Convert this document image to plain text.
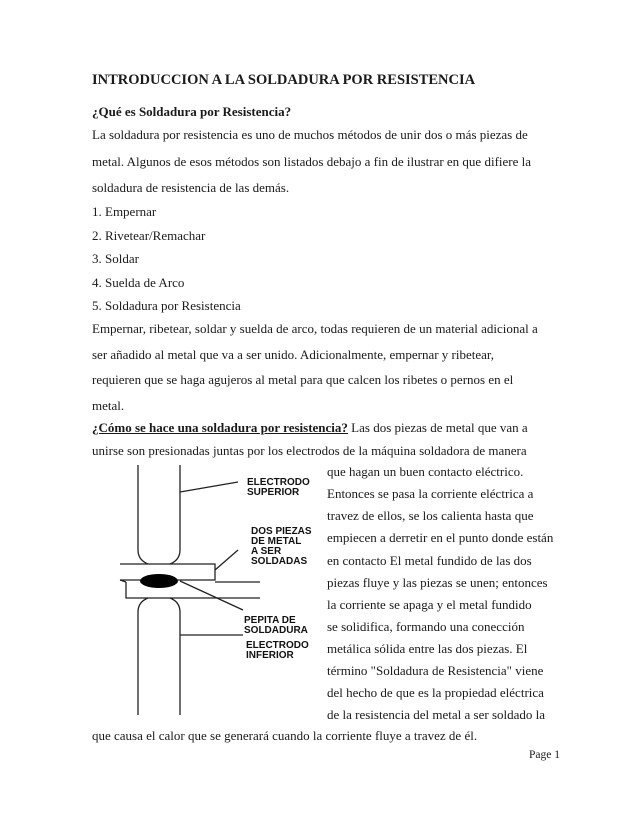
INTRODUCCION A LA SOLDADURA POR RESISTENCIA
¿Qué es Soldadura por Resistencia?
La soldadura por resistencia es uno de muchos métodos de unir dos o más piezas de
metal. Algunos de esos métodos son listados debajo a fin de ilustrar en que difiere la
soldadura de resistencia de las demás.
1. Empernar
2. Rivetear/Remachar
3. Soldar
4. Suelda de Arco
5. Soldadura por Resistencia
Empernar, ribetear, soldar y suelda de arco, todas requieren de un material adicional a
ser añadido al metal que va a ser unido. Adicionalmente, empernar y ribetear,
requieren que se haga agujeros al metal para que calcen los ribetes o pernos en el
metal.
¿Cómo se hace una soldadura por resistencia? Las dos piezas de metal que van a
unirse son presionadas juntas por los electrodos de la máquina soldadora de manera
que hagan un buen contacto eléctrico.
Entonces se pasa la corriente eléctrica a
travez de ellos, se los calienta hasta que
empiecen a derretir en el punto donde están
en contacto El metal fundido de las dos
piezas fluye y las piezas se unen; entonces
la corriente se apaga y el metal fundido
se solidifica, formando una conección
metálica sólida entre las dos piezas. El
término "Soldadura de Resistencia" viene
del hecho de que es la propiedad eléctrica
de la resistencia del metal a ser soldado la
que causa el calor que se generará cuando la corriente fluye a travez de él.
ELECTRODO
SUPERIOR
DOS PIEZAS
DE METAL
A SER
SOLDADAS
PEPITA DE
SOLDADURA
ELECTRODO
INFERIOR
Page 1
